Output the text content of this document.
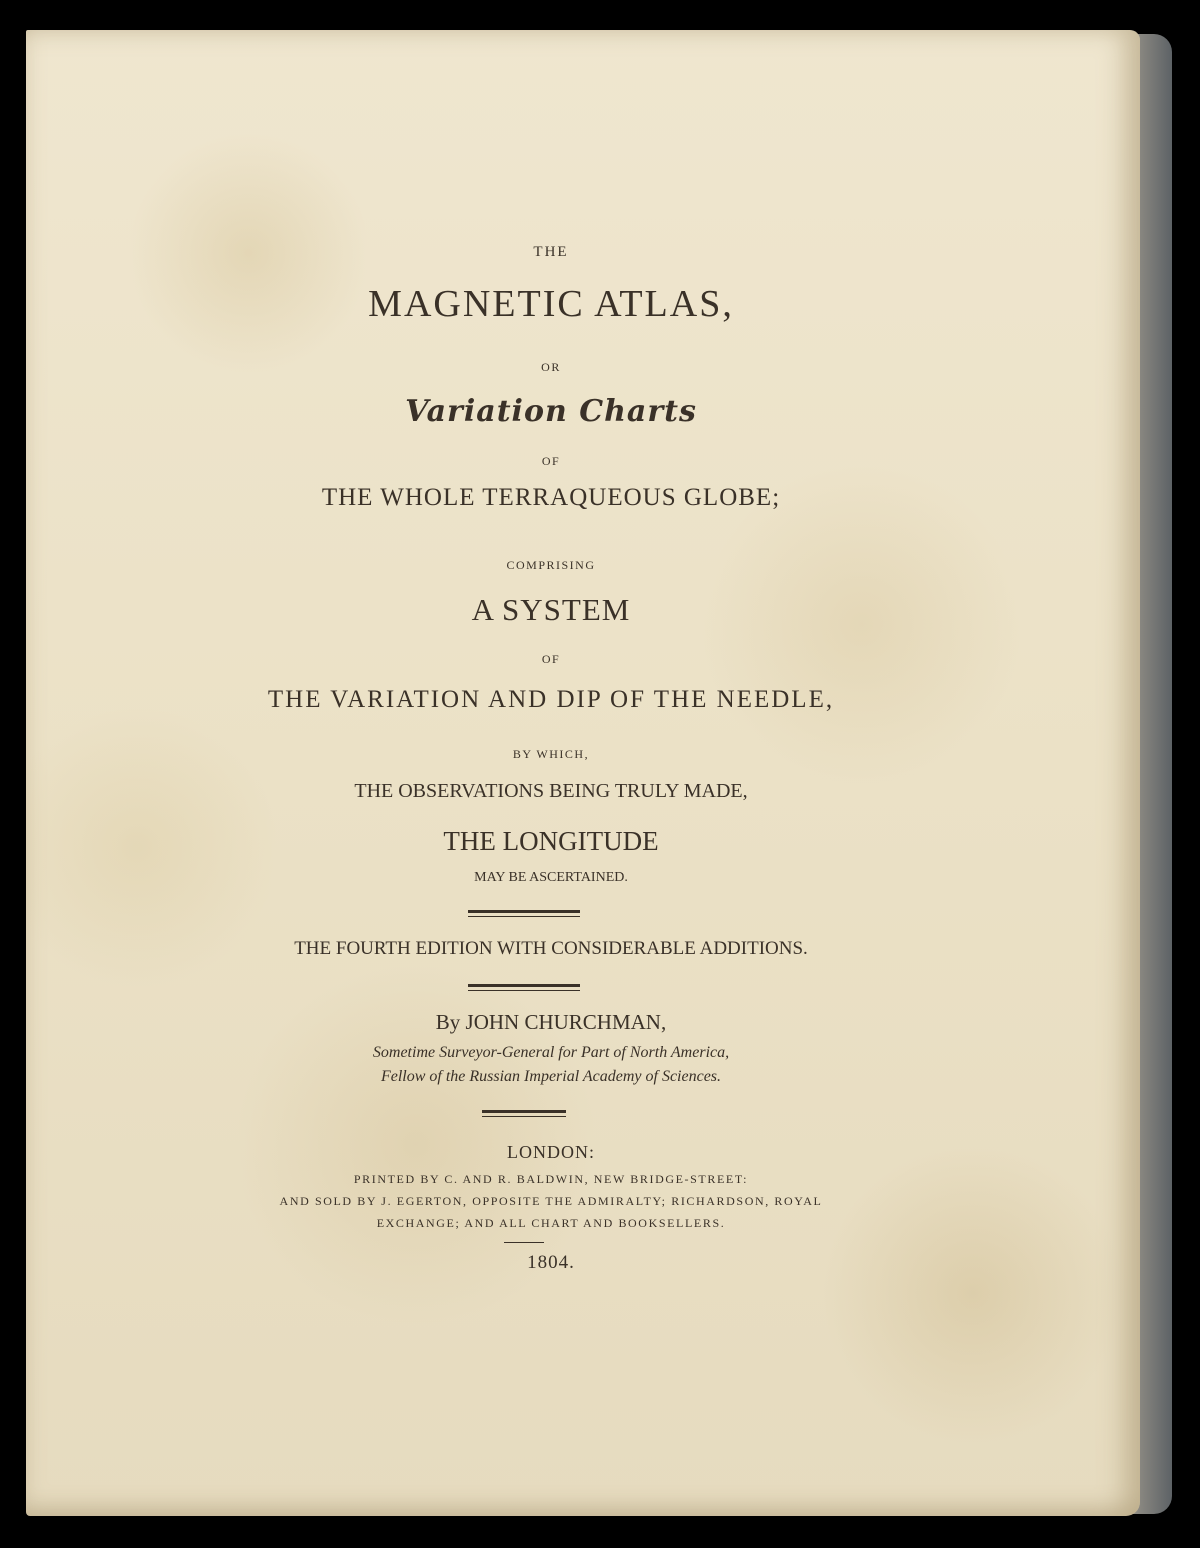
THE

MAGNETIC ATLAS,

OR

Variation Charts

OF

THE WHOLE TERRAQUEOUS GLOBE;

COMPRISING

A SYSTEM

OF

THE VARIATION AND DIP OF THE NEEDLE,

BY WHICH,

THE OBSERVATIONS BEING TRULY MADE,

THE LONGITUDE

MAY BE ASCERTAINED.

THE FOURTH EDITION WITH CONSIDERABLE ADDITIONS.

By JOHN CHURCHMAN,

Sometime Surveyor-General for Part of North America,

Fellow of the Russian Imperial Academy of Sciences.

LONDON:

PRINTED BY C. AND R. BALDWIN, NEW BRIDGE-STREET:

AND SOLD BY J. EGERTON, OPPOSITE THE ADMIRALTY; RICHARDSON, ROYAL

EXCHANGE; AND ALL CHART AND BOOKSELLERS.

1804.
